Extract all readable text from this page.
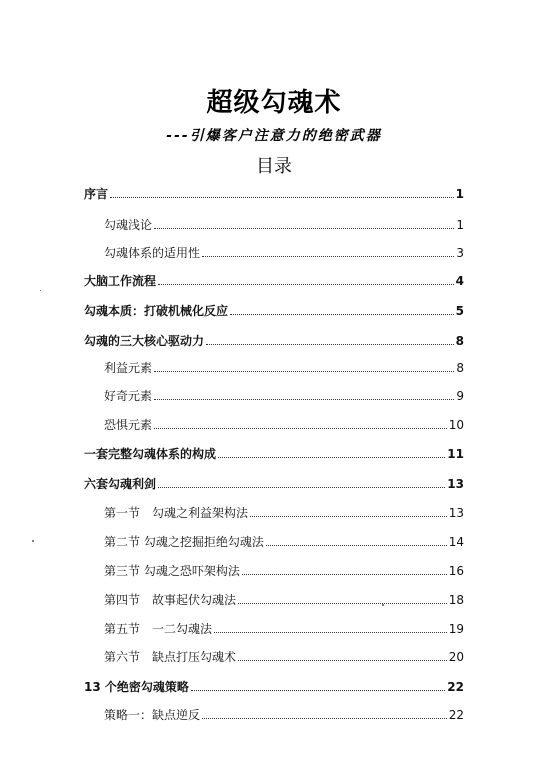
超级勾魂术
---引爆客户注意力的绝密武器
目录
序言	1
勾魂浅论	1
勾魂体系的适用性	3
大脑工作流程	4
勾魂本质：打破机械化反应	5
勾魂的三大核心驱动力	8
利益元素	8
好奇元素	9
恐惧元素	10
一套完整勾魂体系的构成	11
六套勾魂利剑	13
第一节　勾魂之利益架构法	13
第二节 勾魂之挖掘拒绝勾魂法	14
第三节 勾魂之恐吓架构法	16
第四节　故事起伏勾魂法	18
第五节　一二勾魂法	19
第六节　缺点打压勾魂术	20
13 个绝密勾魂策略	22
策略一：缺点逆反	22
